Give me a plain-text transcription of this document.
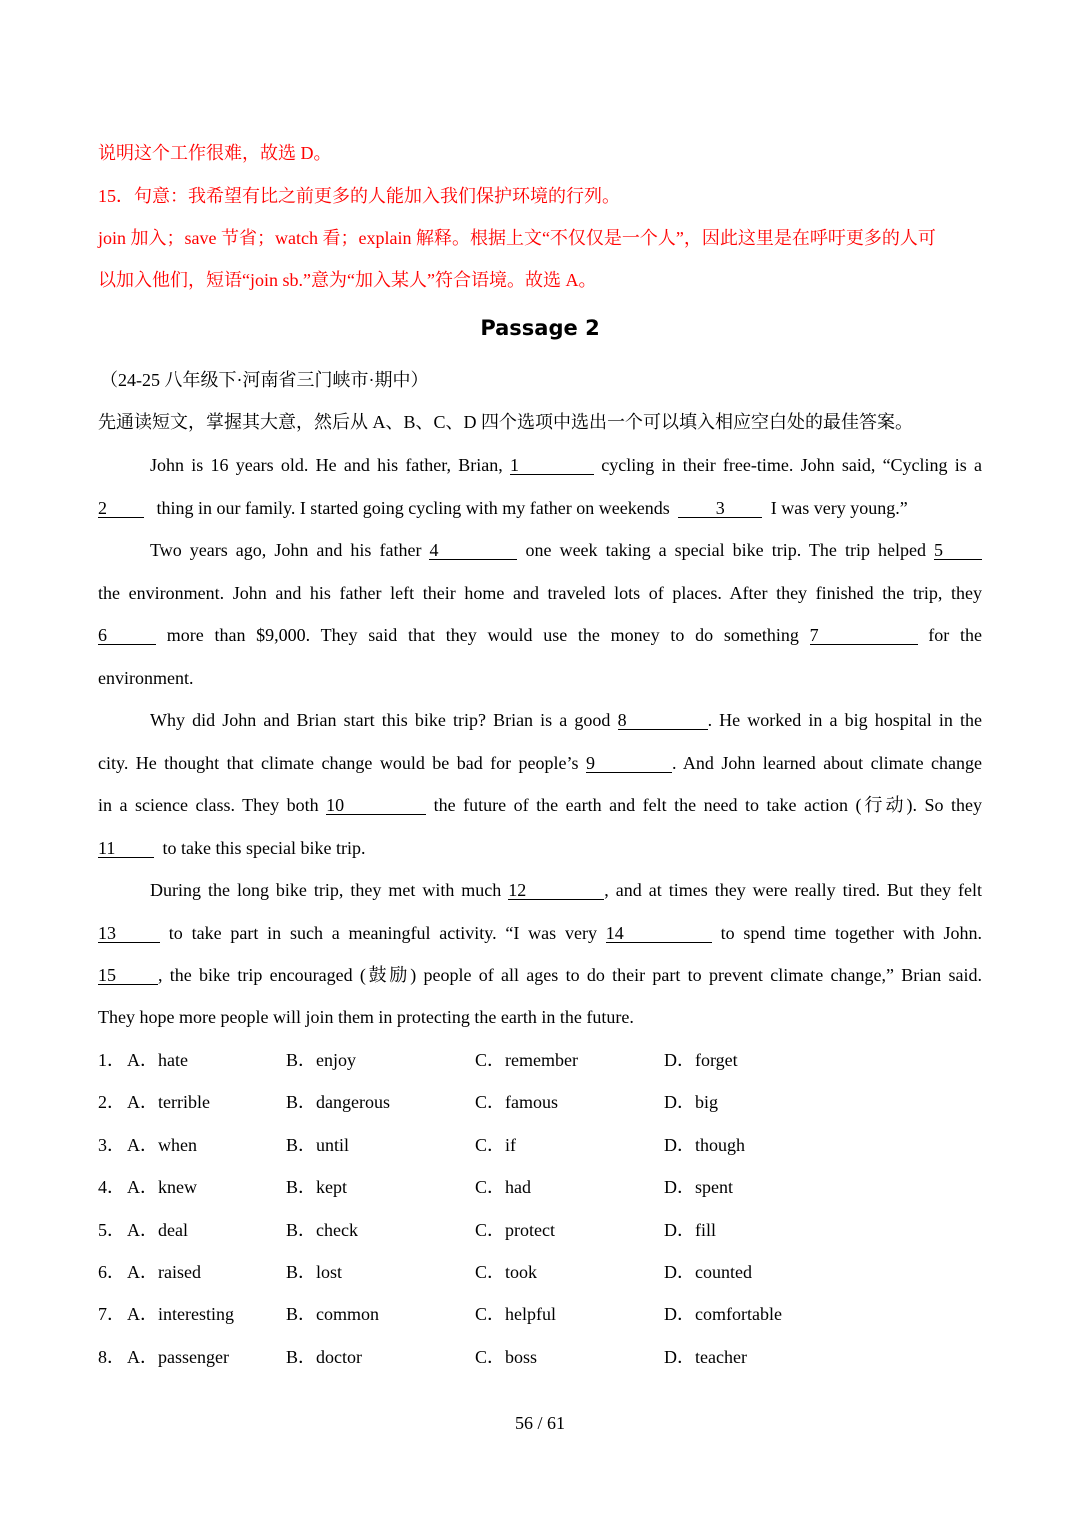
说明这个工作很难，故选 D。
15．句意：我希望有比之前更多的人能加入我们保护环境的行列。
join 加入；save 节省；watch 看；explain 解释。根据上文“不仅仅是一个人”，因此这里是在呼吁更多的人可
以加入他们，短语“join sb.”意为“加入某人”符合语境。故选 A。
Passage 2
（24-25 八年级下·河南省三门峡市·期中）
先通读短文，掌握其大意，然后从 A、B、C、D 四个选项中选出一个可以填入相应空白处的最佳答案。
John is 16 years old. He and his father, Brian, 1	cycling in their free-time. John said, “Cycling is a
2	thing in our family. I started going cycling with my father on weekends	3	I was very young.”
Two years ago, John and his father 4	one week taking a special bike trip. The trip helped 5
the environment. John and his father left their home and traveled lots of places. After they finished the trip, they
6	more than $9,000. They said that they would use the money to do something 7	for the
environment.
Why did John and Brian start this bike trip? Brian is a good 8	. He worked in a big hospital in the
city. He thought that climate change would be bad for people’s 9	. And John learned about climate change
in a science class. They both 10	the future of the earth and felt the need to take action (行动). So they
11	to take this special bike trip.
During the long bike trip, they met with much 12	, and at times they were really tired. But they felt
13	to take part in such a meaningful activity. “I was very 14	to spend time together with John.
15 , the bike trip encouraged (鼓励) people of all ages to do their part to prevent climate change,” Brian said.
They hope more people will join them in protecting the earth in the future.
1． A．hate	B．enjoy	C．remember	D．forget
2． A．terrible	B．dangerous	C．famous	D．big
3． A．when	B．until	C．if	D．though
4． A．knew	B．kept	C．had	D．spent
5． A．deal	B．check	C．protect	D．fill
6． A．raised	B．lost	C．took	D．counted
7． A．interesting	B．common	C．helpful	D．comfortable
8． A．passenger	B．doctor	C．boss	D．teacher
56 / 61
